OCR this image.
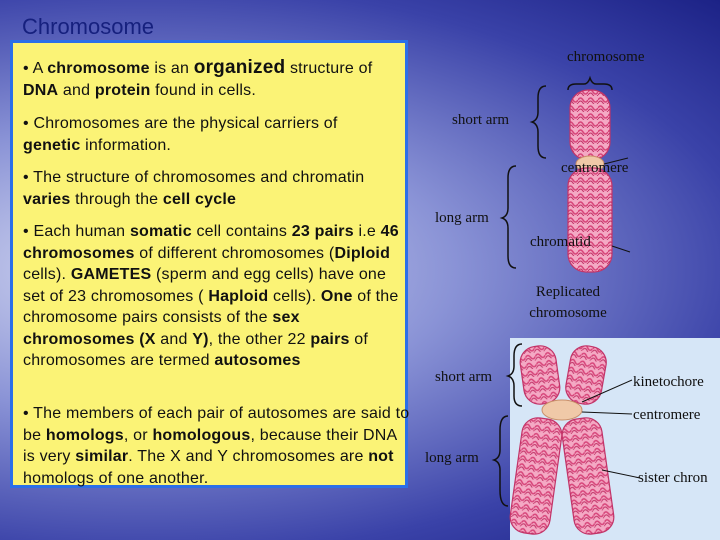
Chromosome

• A chromosome is an organized structure of DNA and protein found in cells.

• Chromosomes are the physical carriers of genetic information.

• The structure of chromosomes and chromatin varies through the cell cycle

• Each human somatic cell contains 23 pairs i.e 46 chromosomes of different chromosomes (Diploid cells). GAMETES (sperm and egg cells) have one set of 23 chromosomes ( Haploid cells). One of the chromosome pairs consists of the sex chromosomes (X and Y), the other 22 pairs of chromosomes are termed autosomes

• The members of each pair of autosomes are said to be homologs, or homologous, because their DNA is very similar. The X and Y chromosomes are not homologs of one another.

chromosome

short arm

centromere

long arm

chromatid

Replicated
chromosome

short arm	kinetochore

centromere

long arm

sister chron
